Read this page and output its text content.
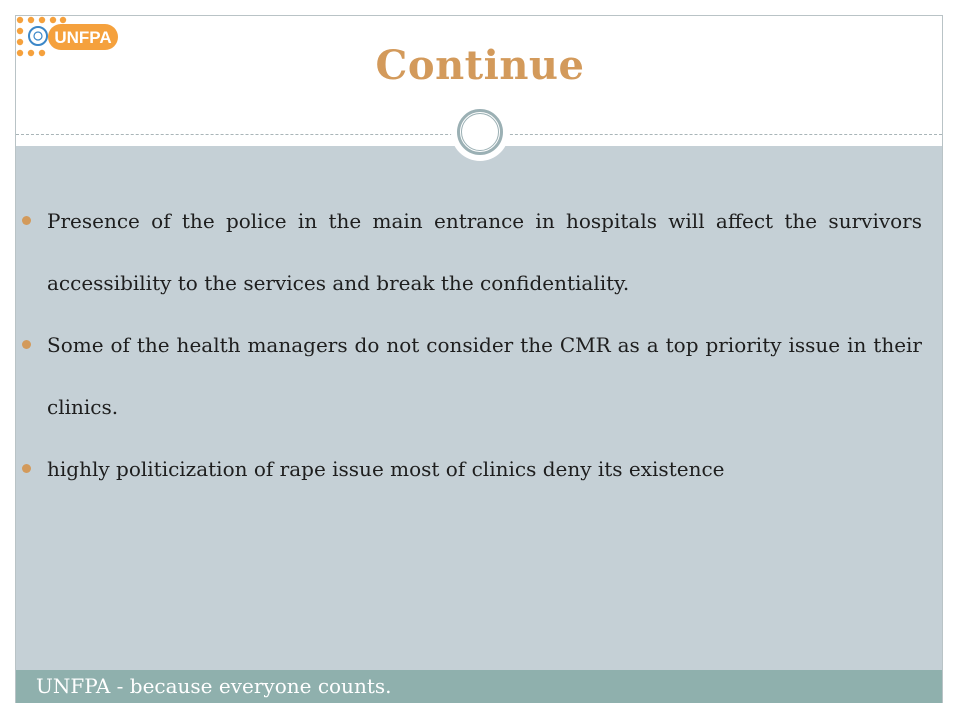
UNFPA
Continue
Presence of the police in the main entrance in hospitals will affect the survivors accessibility to the services and break the confidentiality.
Some of the health managers do not consider the CMR as a top priority issue in their clinics.
highly politicization of rape issue most of clinics deny its existence
UNFPA - because everyone counts.
